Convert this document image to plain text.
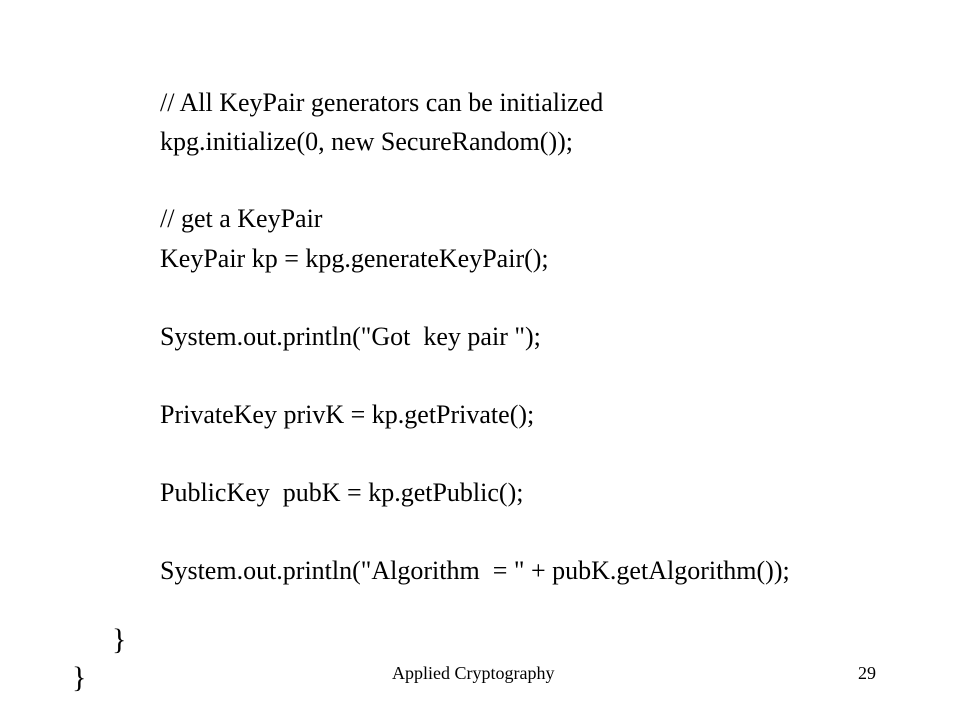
// All KeyPair generators can be initialized
kpg.initialize(0, new SecureRandom());
// get a KeyPair
KeyPair kp = kpg.generateKeyPair();
System.out.println("Got  key pair ");
PrivateKey privK = kp.getPrivate();
PublicKey  pubK = kp.getPublic();
System.out.println("Algorithm  = " + pubK.getAlgorithm());
}
}	Applied Cryptography	29
